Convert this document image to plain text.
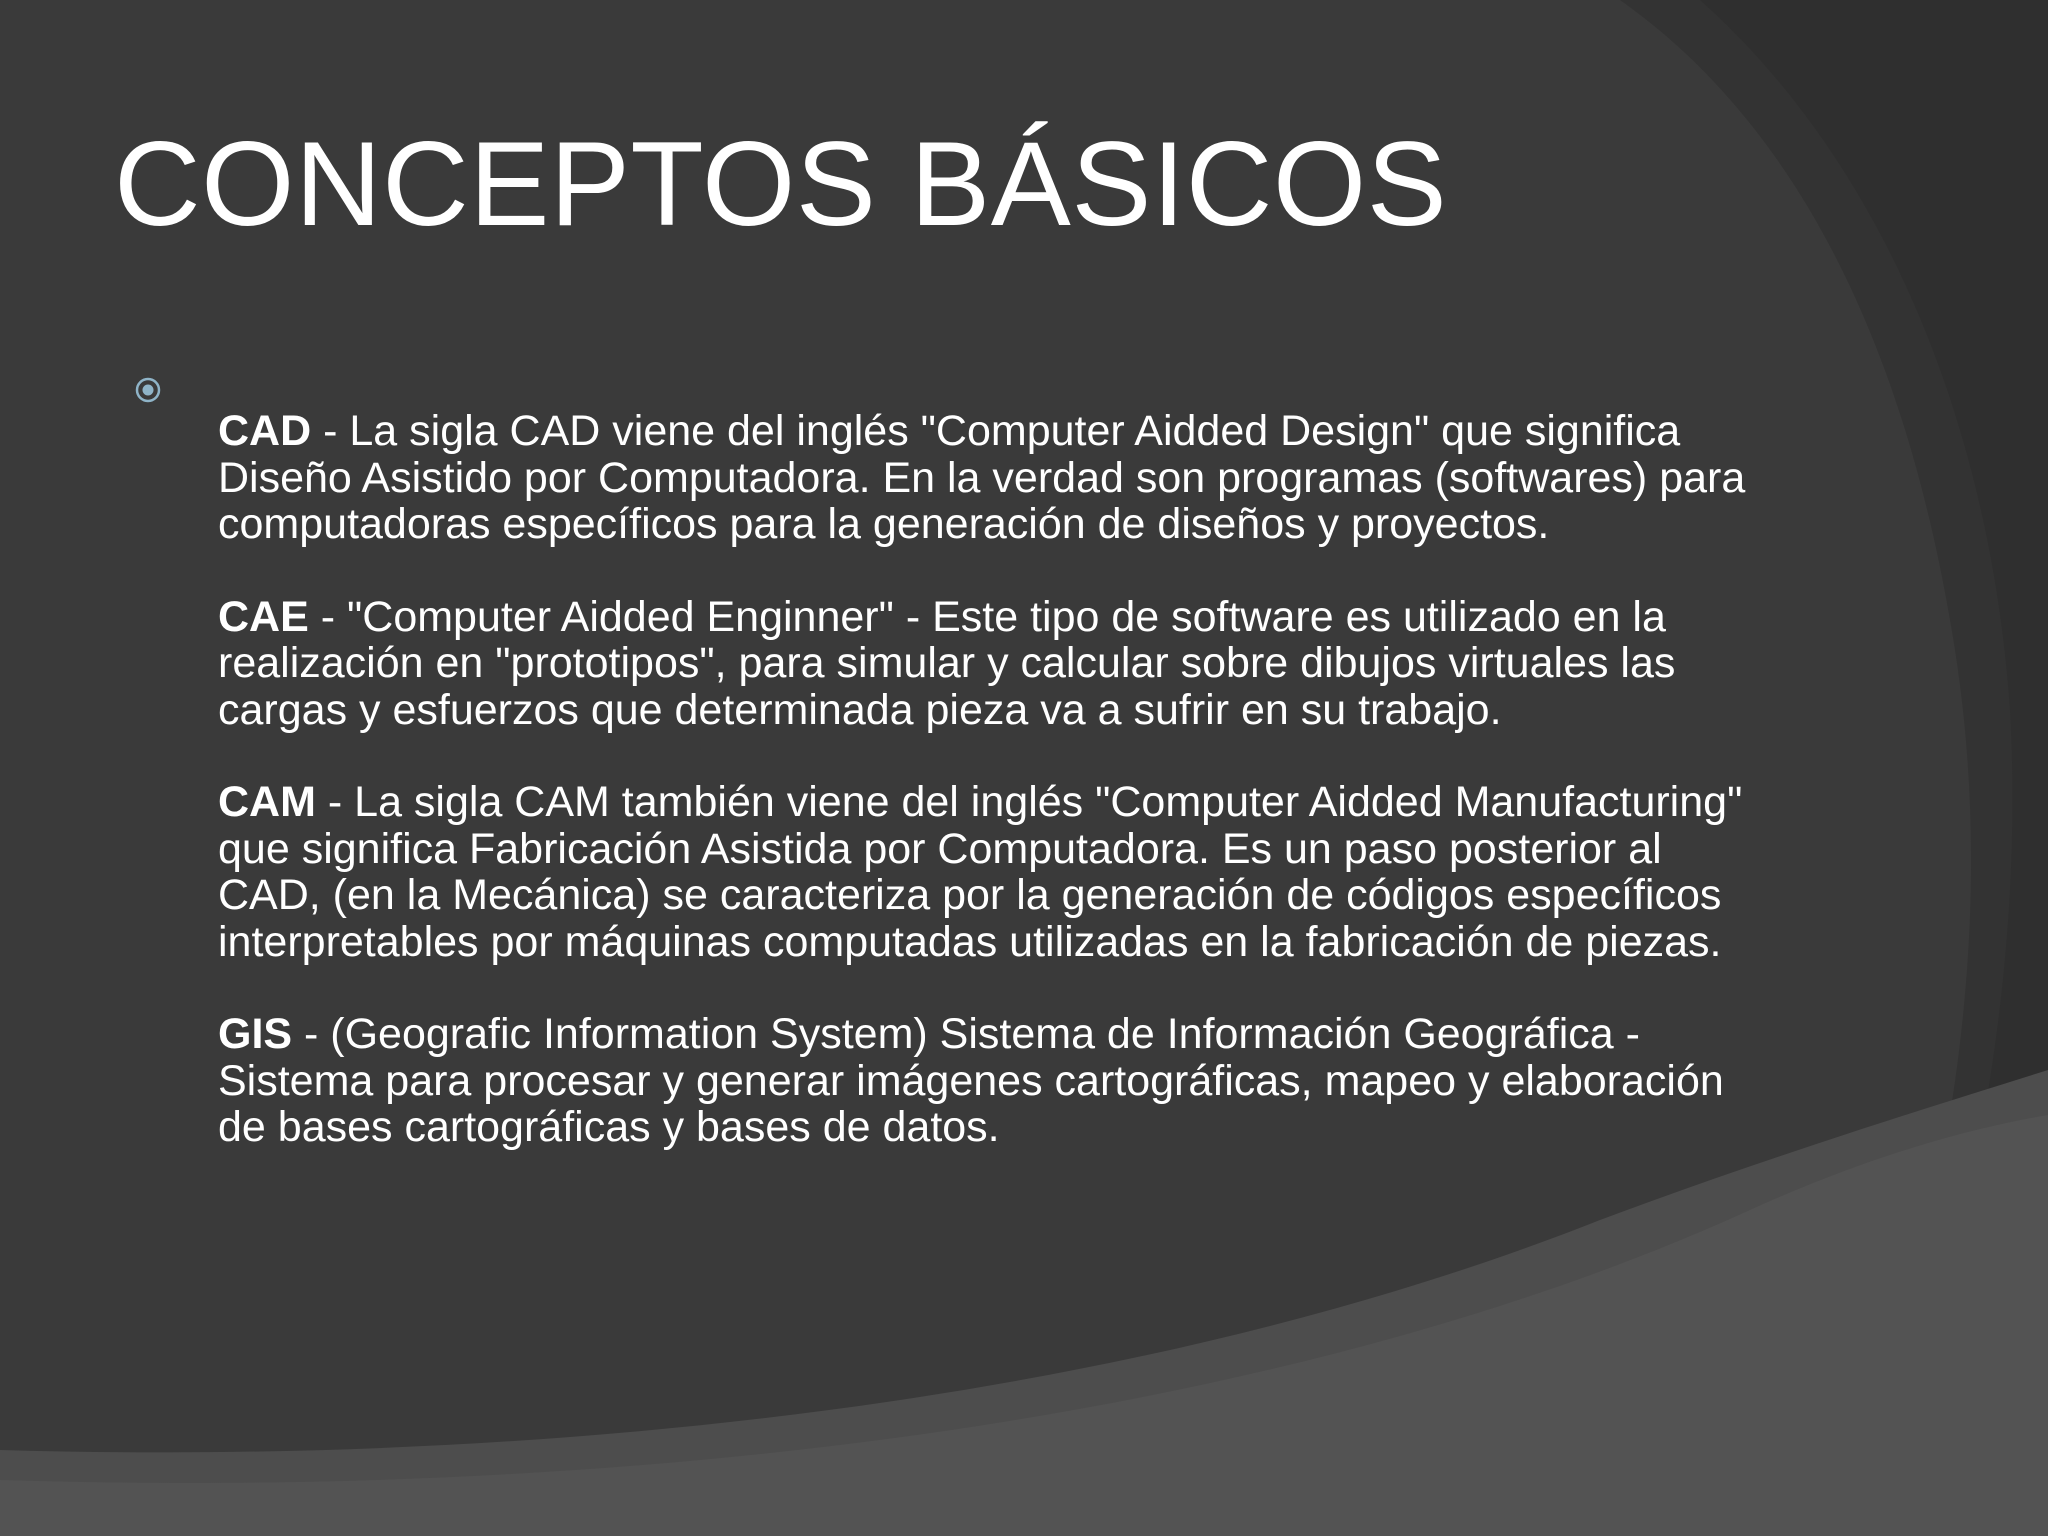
CONCEPTOS BÁSICOS

CAD - La sigla CAD viene del inglés "Computer Aidded Design" que significa Diseño Asistido por Computadora. En la verdad son programas (softwares) para computadoras específicos para la generación de diseños y proyectos.

CAE - "Computer Aidded Enginner" - Este tipo de software es utilizado en la realización en "prototipos", para simular y calcular sobre dibujos virtuales las cargas y esfuerzos que determinada pieza va a sufrir en su trabajo.

CAM - La sigla CAM también viene del inglés "Computer Aidded Manufacturing" que significa Fabricación Asistida por Computadora. Es un paso posterior al CAD, (en la Mecánica) se caracteriza por la generación de códigos específicos interpretables por máquinas computadas utilizadas en la fabricación de piezas.

GIS - (Geografic Information System) Sistema de Información Geográfica - Sistema para procesar y generar imágenes cartográficas, mapeo y elaboración de bases cartográficas y bases de datos.
